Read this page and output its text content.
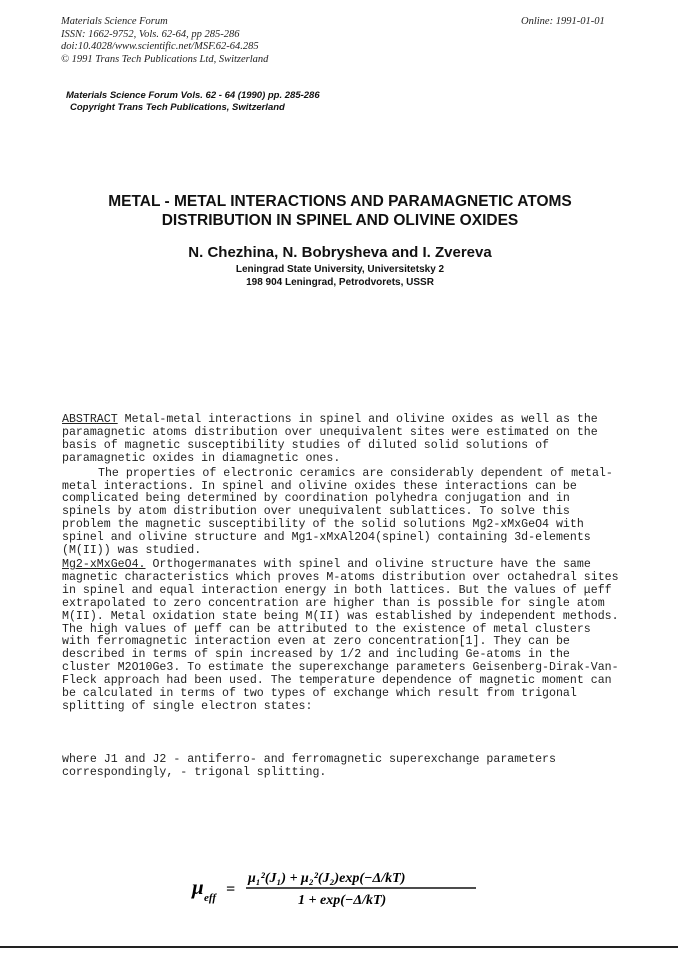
Materials Science Forum
ISSN: 1662-9752, Vols. 62-64, pp 285-286
doi:10.4028/www.scientific.net/MSF.62-64.285
© 1991 Trans Tech Publications Ltd, Switzerland
Online: 1991-01-01
Materials Science Forum Vols. 62 - 64 (1990) pp. 285-286
Copyright Trans Tech Publications, Switzerland
METAL - METAL INTERACTIONS AND PARAMAGNETIC ATOMS
DISTRIBUTION IN SPINEL AND OLIVINE OXIDES
N. Chezhina, N. Bobrysheva and I. Zvereva
Leningrad State University, Universitetsky 2
198 904 Leningrad, Petrodvorets, USSR

ABSTRACT Metal-metal interactions in spinel and olivine oxides as well as the paramagnetic atoms distribution over unequivalent sites were estimated on the basis of magnetic susceptibility studies of diluted solid solutions of paramagnetic oxides in diamagnetic ones.

The properties of electronic ceramics are considerably dependent of metal-metal interactions. In spinel and olivine oxides these interactions can be complicated being determined by coordination polyhedra conjugation and in spinels by atom distribution over unequivalent sublattices. To solve this problem the magnetic susceptibility of the solid solutions Mg2-xMxGeO4 with spinel and olivine structure and Mg1-xMxAl2O4(spinel) containing 3d-elements (M(II)) was studied.

Mg2-xMxGeO4. Orthogermanates with spinel and olivine structure have the same magnetic characteristics which proves M-atoms distribution over octahedral sites in spinel and equal interaction energy in both lattices. But the values of μeff extrapolated to zero concentration are higher than is possible for single atom M(II). Metal oxidation state being M(II) was established by independent methods. The high values of μeff can be attributed to the existence of metal clusters with ferromagnetic interaction even at zero concentration[1]. They can be described in terms of spin increased by 1/2 and including Ge-atoms in the cluster M2O10Ge3. To estimate the superexchange parameters Geisenberg-Dirak-Van-Fleck approach had been used. The temperature dependence of magnetic moment can be calculated in terms of two types of exchange which result from trigonal splitting of single electron states:

where J1 and J2 - antiferro- and ferromagnetic superexchange parameters correspondingly, - trigonal splitting.

μ eff =
μ₁²(J₁) + μ₂²(J₂)exp(−Δ/kT)
1 + exp(−Δ/kT)
